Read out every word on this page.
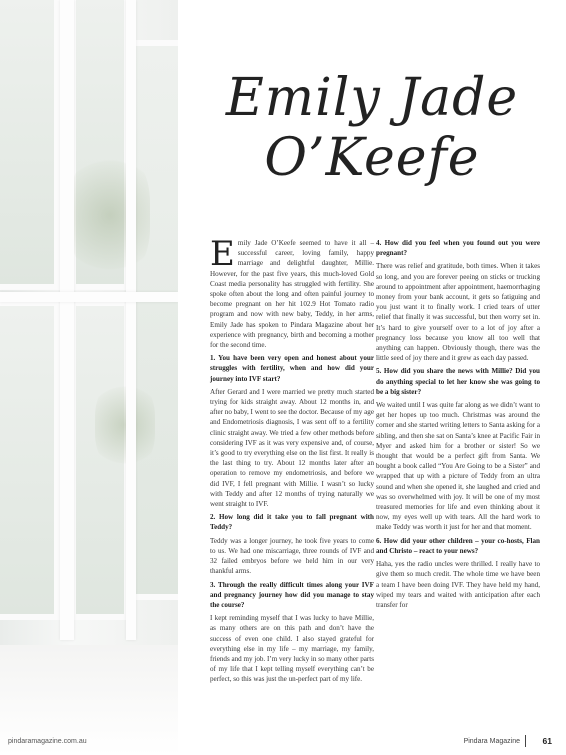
Emily Jade
O’Keefe

Emily Jade O’Keefe seemed to have it all – successful career, loving family, happy marriage and delightful daughter, Millie. However, for the past five years, this much-loved Gold Coast media personality has struggled with fertility. She spoke often about the long and often painful journey to become pregnant on her hit 102.9 Hot Tomato radio program and now with new baby, Teddy, in her arms, Emily Jade has spoken to Pindara Magazine about her experience with pregnancy, birth and becoming a mother for the second time.

1. You have been very open and honest about your struggles with fertility, when and how did your journey into IVF start?

After Gerard and I were married we pretty much started trying for kids straight away. About 12 months in, and after no baby, I went to see the doctor. Because of my age and Endometriosis diagnosis, I was sent off to a fertility clinic straight away. We tried a few other methods before considering IVF as it was very expensive and, of course, it’s good to try everything else on the list first. It really is the last thing to try. About 12 months later after an operation to remove my endometriosis, and before we did IVF, I fell pregnant with Millie. I wasn’t so lucky with Teddy and after 12 months of trying naturally we went straight to IVF.

2. How long did it take you to fall pregnant with Teddy?

Teddy was a longer journey, he took five years to come to us. We had one miscarriage, three rounds of IVF and 32 failed embryos before we held him in our very thankful arms.

3. Through the really difficult times along your IVF and pregnancy journey how did you manage to stay the course?

I kept reminding myself that I was lucky to have Millie, as many others are on this path and don’t have the success of even one child. I also stayed grateful for everything else in my life – my marriage, my family, friends and my job. I’m very lucky in so many other parts of my life that I kept telling myself everything can’t be perfect, so this was just the un-perfect part of my life.

4. How did you feel when you found out you were pregnant?

There was relief and gratitude, both times. When it takes so long, and you are forever peeing on sticks or trucking around to appointment after appointment, haemorrhaging money from your bank account, it gets so fatiguing and you just want it to finally work. I cried tears of utter relief that finally it was successful, but then worry set in. It’s hard to give yourself over to a lot of joy after a pregnancy loss because you know all too well that anything can happen. Obviously though, there was the little seed of joy there and it grew as each day passed.

5. How did you share the news with Millie? Did you do anything special to let her know she was going to be a big sister?

We waited until I was quite far along as we didn’t want to get her hopes up too much. Christmas was around the corner and she started writing letters to Santa asking for a sibling, and then she sat on Santa’s knee at Pacific Fair in Myer and asked him for a brother or sister! So we thought that would be a perfect gift from Santa. We bought a book called “You Are Going to be a Sister” and wrapped that up with a picture of Teddy from an ultra sound and when she opened it, she laughed and cried and was so overwhelmed with joy. It will be one of my most treasured memories for life and even thinking about it now, my eyes well up with tears. All the hard work to make Teddy was worth it just for her and that moment.

6. How did your other children – your co-hosts, Flan and Christo – react to your news?

Haha, yes the radio uncles were thrilled. I really have to give them so much credit. The whole time we have been a team I have been doing IVF. They have held my hand, wiped my tears and waited with anticipation after each transfer for

pindaramagazine.com.au	Pindara Magazine	61
